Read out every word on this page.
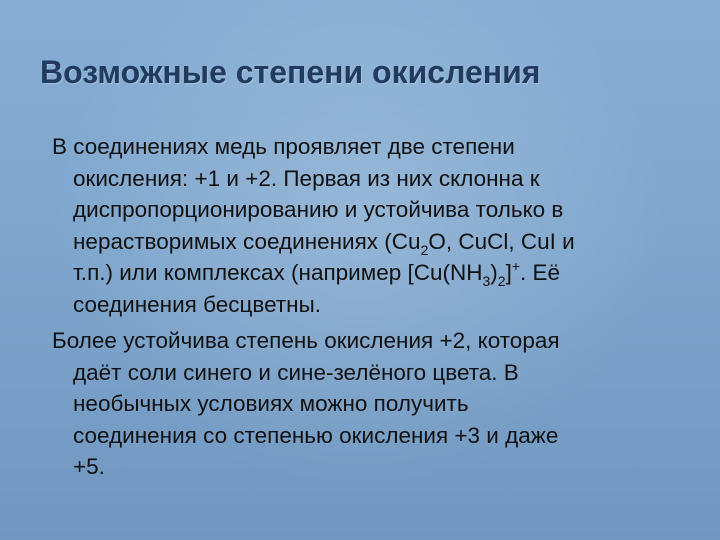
Возможные степени окисления
В соединениях медь проявляет две степени
окисления: +1 и +2. Первая из них склонна к
диспропорционированию и устойчива только в
нерастворимых соединениях ($Cu_2O$, CuCl, CuI и
т.п.) или комплексах (например $[Cu(NH_3)_2]^+$. Её
соединения бесцветны.
Более устойчива степень окисления +2, которая
даёт соли синего и сине-зелёного цвета. В
необычных условиях можно получить
соединения со степенью окисления +3 и даже
+5.
